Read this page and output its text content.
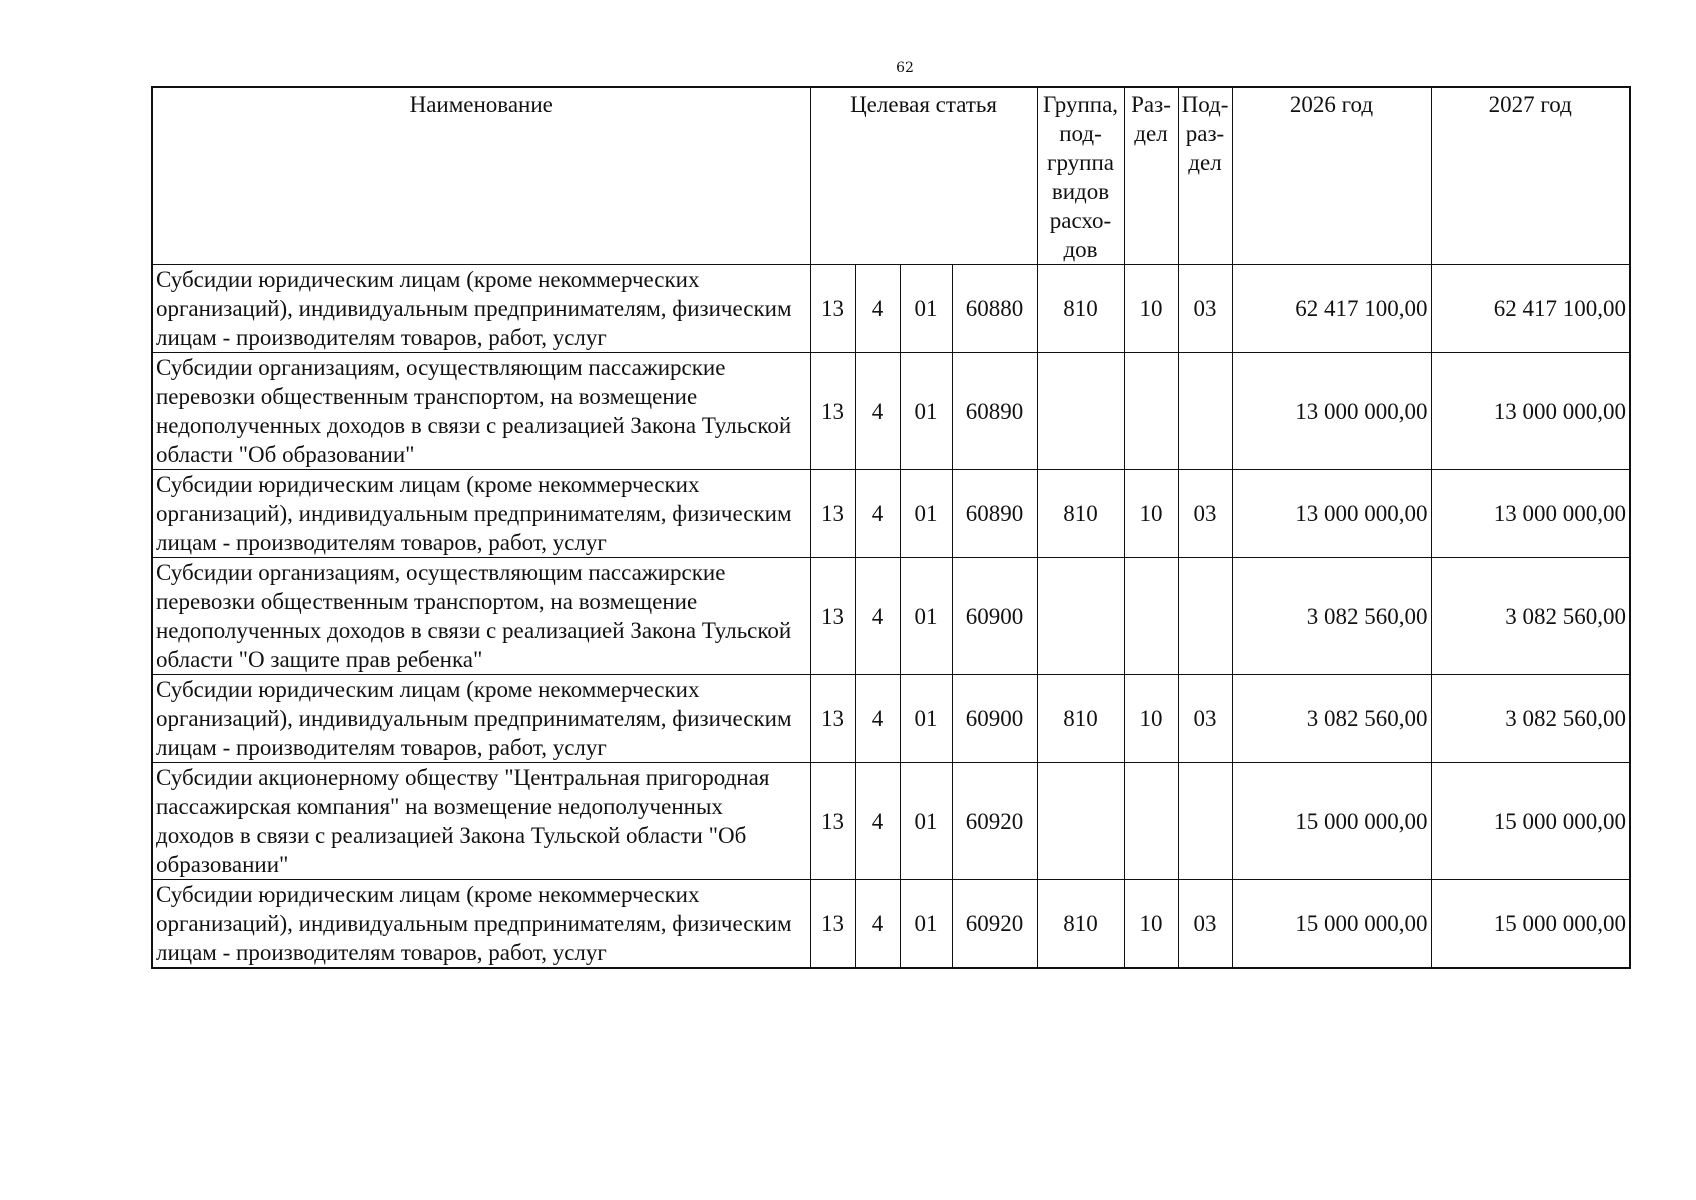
62
Наименование	Целевая статья				Группа, под-группа видов расхо-дов	Раз-дел	Под-раз-дел	2026 год	2027 год
Субсидии юридическим лицам (кроме некоммерческих организаций), индивидуальным предпринимателям, физическим лицам - производителям товаров, работ, услуг	13	4	01	60880	810	10	03	62 417 100,00	62 417 100,00
Субсидии организациям, осуществляющим пассажирские перевозки общественным транспортом, на возмещение недополученных доходов в связи с реализацией Закона Тульской области "Об образовании"	13	4	01	60890				13 000 000,00	13 000 000,00
Субсидии юридическим лицам (кроме некоммерческих организаций), индивидуальным предпринимателям, физическим лицам - производителям товаров, работ, услуг	13	4	01	60890	810	10	03	13 000 000,00	13 000 000,00
Субсидии организациям, осуществляющим пассажирские перевозки общественным транспортом, на возмещение недополученных доходов в связи с реализацией Закона Тульской области "О защите прав ребенка"	13	4	01	60900				3 082 560,00	3 082 560,00
Субсидии юридическим лицам (кроме некоммерческих организаций), индивидуальным предпринимателям, физическим лицам - производителям товаров, работ, услуг	13	4	01	60900	810	10	03	3 082 560,00	3 082 560,00
Субсидии акционерному обществу "Центральная пригородная пассажирская компания" на возмещение недополученных доходов в связи с реализацией Закона Тульской области "Об образовании"	13	4	01	60920				15 000 000,00	15 000 000,00
Субсидии юридическим лицам (кроме некоммерческих организаций), индивидуальным предпринимателям, физическим лицам - производителям товаров, работ, услуг	13	4	01	60920	810	10	03	15 000 000,00	15 000 000,00
